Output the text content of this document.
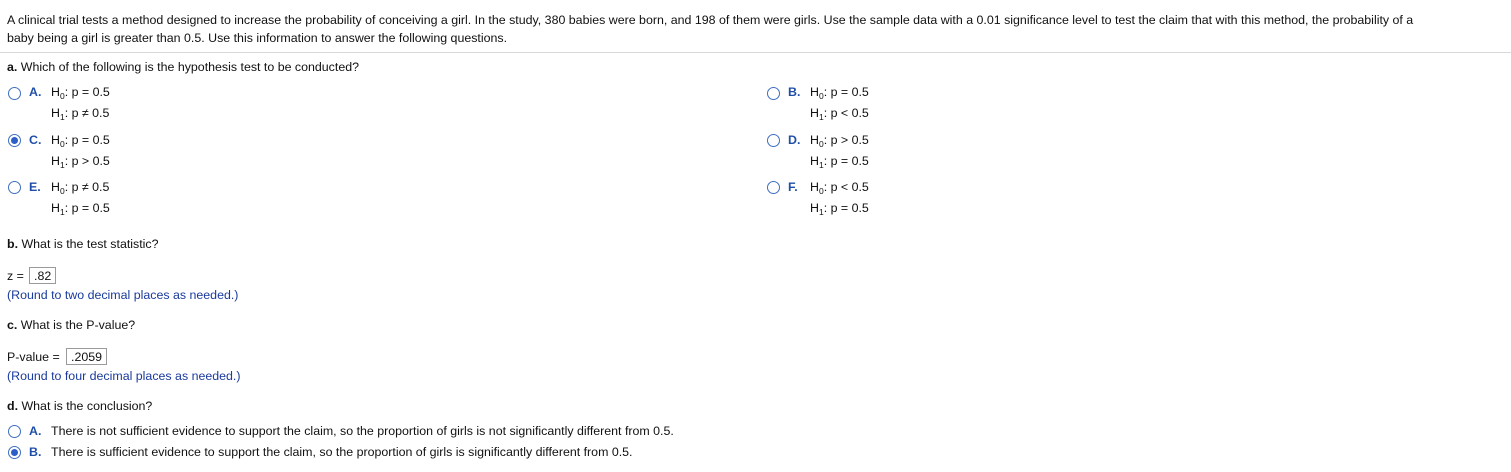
A clinical trial tests a method designed to increase the probability of conceiving a girl. In the study, 380 babies were born, and 198 of them were girls. Use the sample data with a 0.01 significance level to test the claim that with this method, the probability of a
baby being a girl is greater than 0.5. Use this information to answer the following questions.
a. Which of the following is the hypothesis test to be conducted?
A. $H_0$: p = 0.5
$H_1$: p ≠ 0.5
B. $H_0$: p = 0.5
$H_1$: p < 0.5
C. $H_0$: p = 0.5
$H_1$: p > 0.5
D. $H_0$: p > 0.5
$H_1$: p = 0.5
E. $H_0$: p ≠ 0.5
$H_1$: p = 0.5
F. $H_0$: p < 0.5
$H_1$: p = 0.5
b. What is the test statistic?
z = .82
(Round to two decimal places as needed.)
c. What is the P-value?
P-value = .2059
(Round to four decimal places as needed.)
d. What is the conclusion?
A. There is not sufficient evidence to support the claim, so the proportion of girls is not significantly different from 0.5.
B. There is sufficient evidence to support the claim, so the proportion of girls is significantly different from 0.5.
